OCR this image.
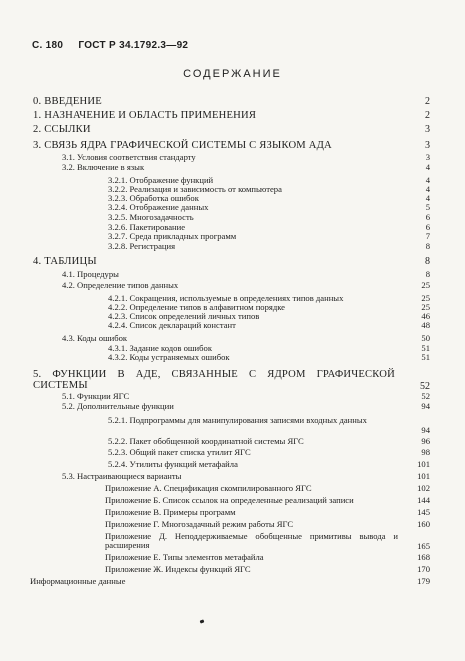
С. 180 ГОСТ Р 34.1792.3—92
СОДЕРЖАНИЕ
0. ВВЕДЕНИЕ	2
1. НАЗНАЧЕНИЕ И ОБЛАСТЬ ПРИМЕНЕНИЯ	2
2. ССЫЛКИ	3
3. СВЯЗЬ ЯДРА ГРАФИЧЕСКОЙ СИСТЕМЫ С ЯЗЫКОМ АДА	3
3.1. Условия соответствия стандарту	3
3.2. Включение в язык	4
3.2.1. Отображение функций	4
3.2.2. Реализация и зависимость от компьютера	4
3.2.3. Обработка ошибок	4
3.2.4. Отображение данных	5
3.2.5. Многозадачность	6
3.2.6. Пакетирование	6
3.2.7. Среда прикладных программ	7
3.2.8. Регистрация	8
4. ТАБЛИЦЫ	8
4.1. Процедуры	8
4.2. Определение типов данных	25
4.2.1. Сокращения, используемые в определениях типов данных	25
4.2.2. Определение типов в алфавитном порядке	25
4.2.3. Список определений личных типов	46
4.2.4. Список деклараций констант	48
4.3. Коды ошибок	50
4.3.1. Задание кодов ошибок	51
4.3.2. Коды устраняемых ошибок	51
5. ФУНКЦИИ В АДЕ, СВЯЗАННЫЕ С ЯДРОМ ГРАФИЧЕСКОЙ СИСТЕМЫ	52
5.1. Функции ЯГС	52
5.2. Дополнительные функции	94
5.2.1. Подпрограммы для манипулирования записями входных данных
94
5.2.2. Пакет обобщенной координатной системы ЯГС	96
5.2.3. Общий пакет списка утилит ЯГС	98
5.2.4. Утилиты функций метафайла	101
5.3. Настраивающиеся варианты	101
Приложение А. Спецификация скомпилированного ЯГС	102
Приложение Б. Список ссылок на определенные реализаций записи	144
Приложение В. Примеры программ	145
Приложение Г. Многозадачный режим работы ЯГС	160
Приложение Д. Неподдерживаемые обобщенные примитивы вывода и расширения	165
Приложение Е. Типы элементов метафайла	168
Приложение Ж. Индексы функций ЯГС	170
Информационные данные	179
